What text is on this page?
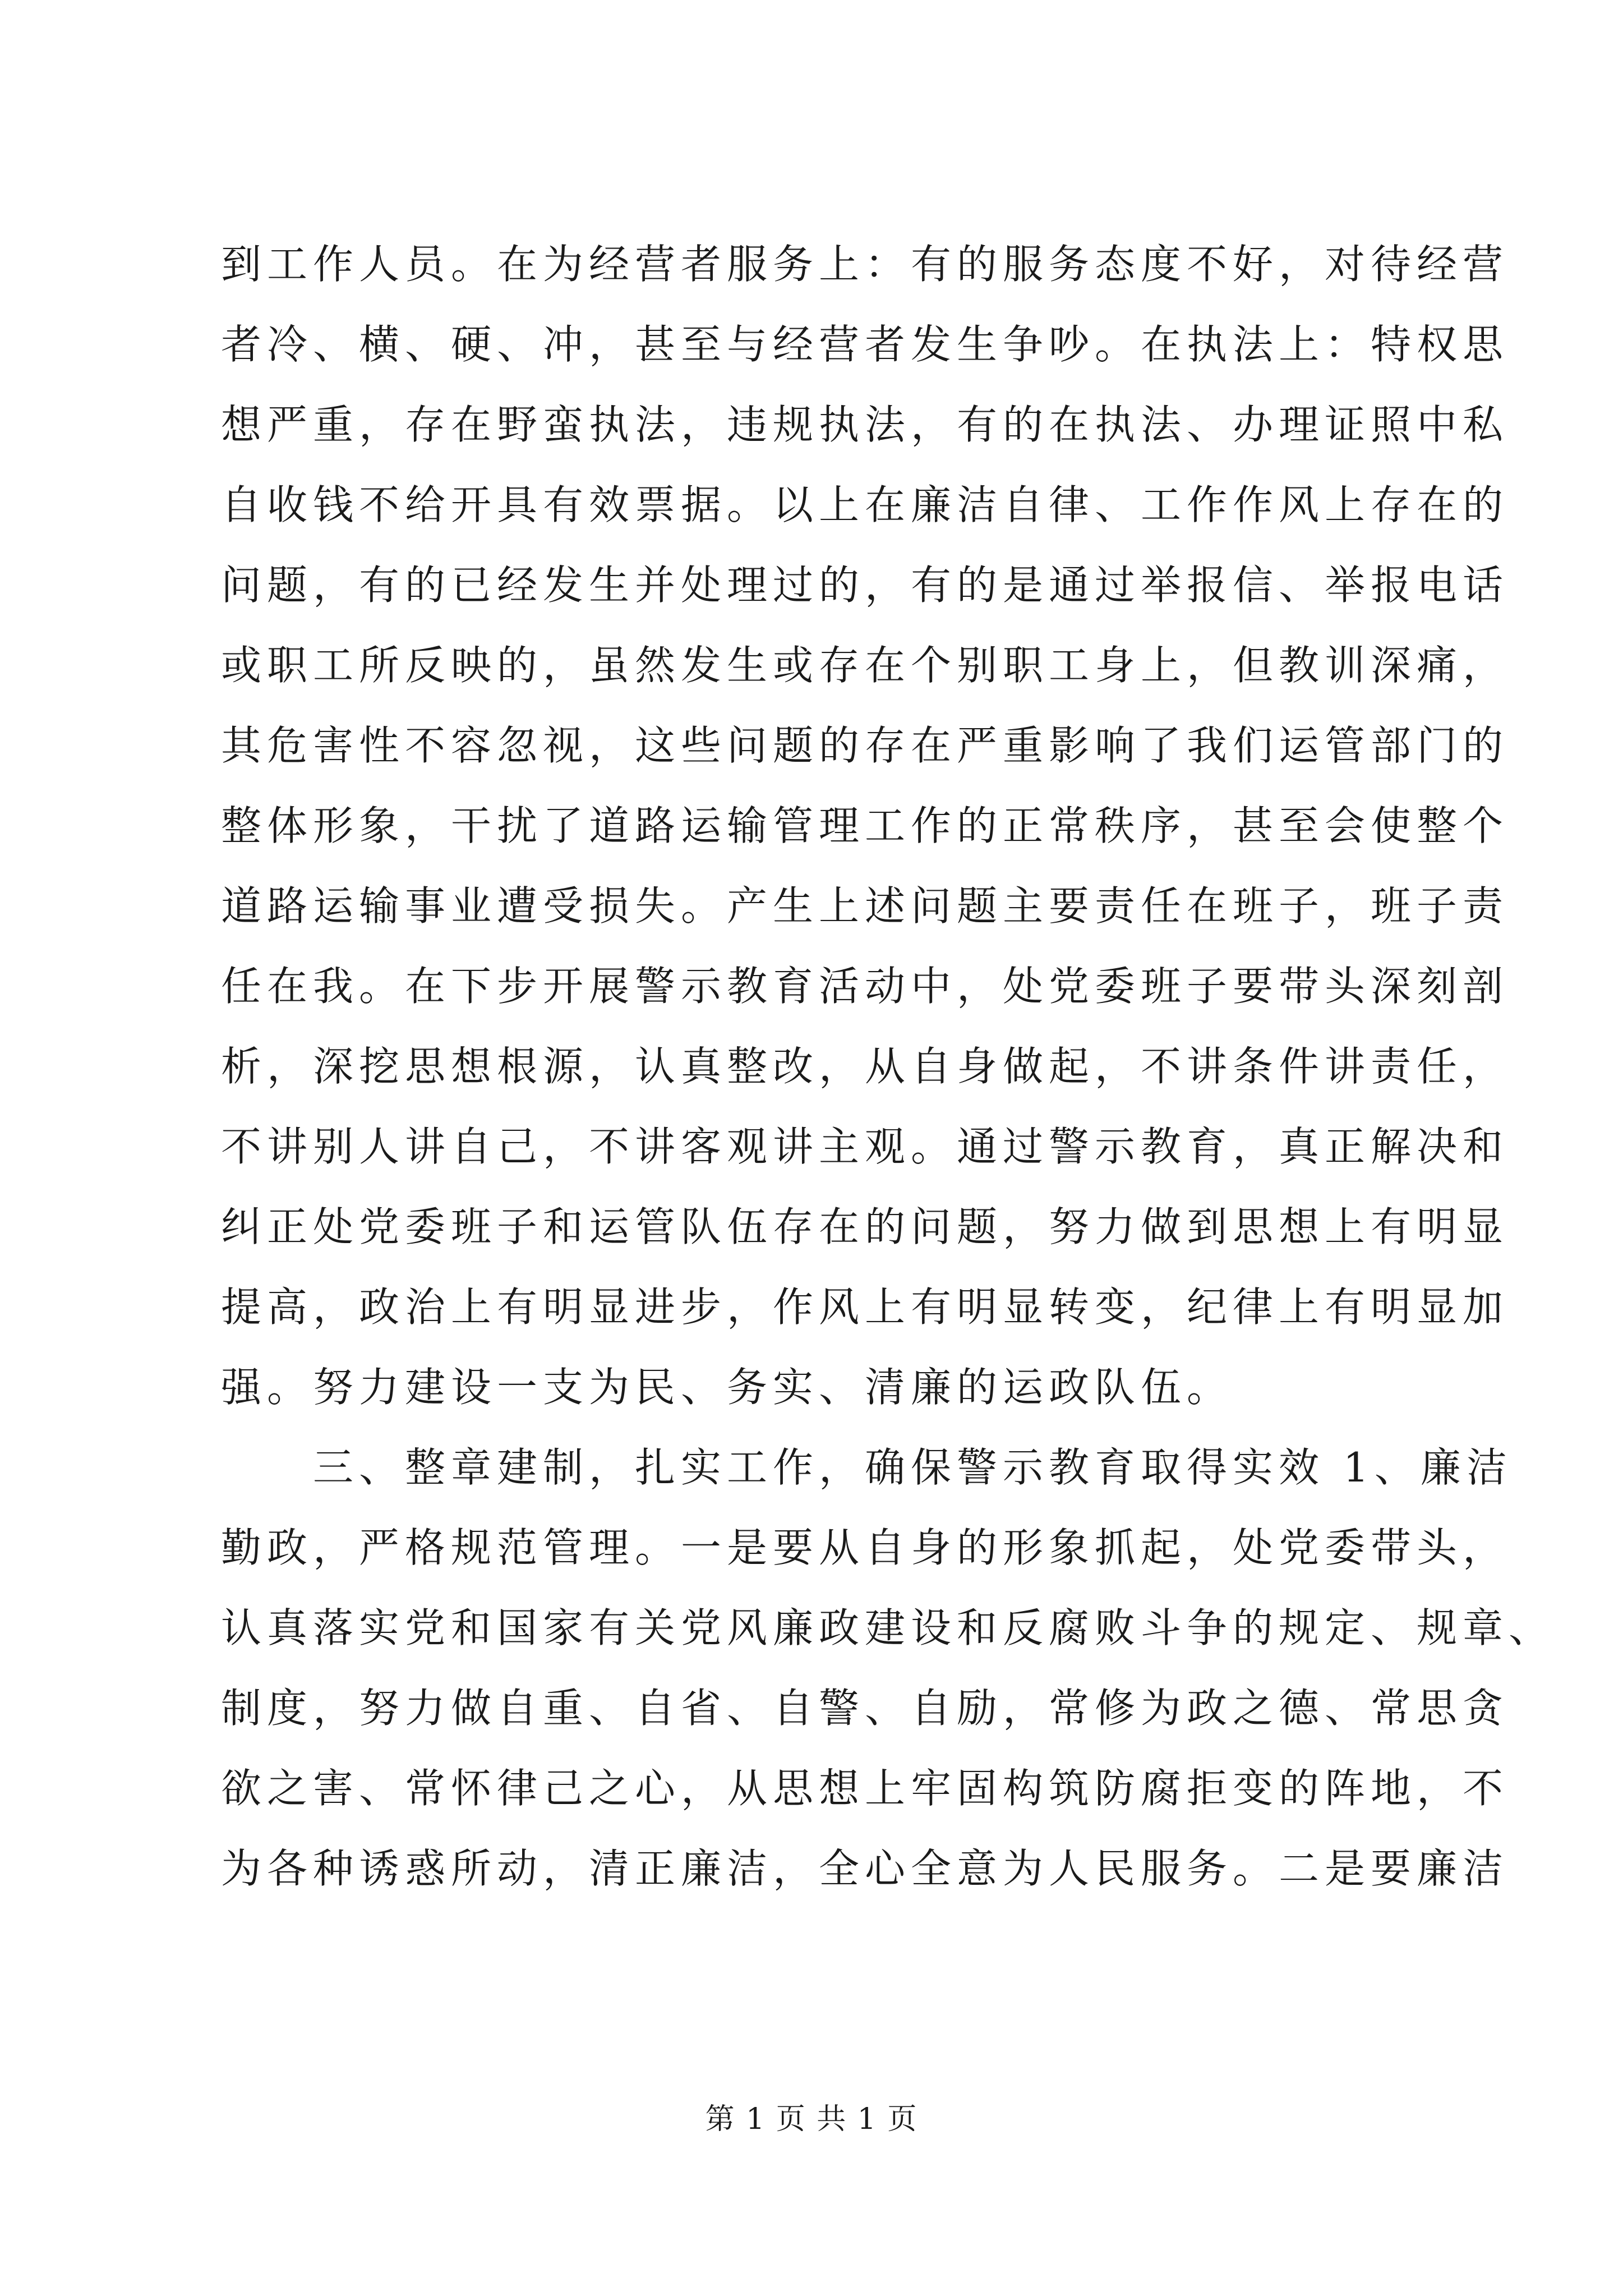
到工作人员。在为经营者服务上：有的服务态度不好，对待经营
者冷、横、硬、冲，甚至与经营者发生争吵。在执法上：特权思
想严重，存在野蛮执法，违规执法，有的在执法、办理证照中私
自收钱不给开具有效票据。以上在廉洁自律、工作作风上存在的
问题，有的已经发生并处理过的，有的是通过举报信、举报电话
或职工所反映的，虽然发生或存在个别职工身上，但教训深痛，
其危害性不容忽视，这些问题的存在严重影响了我们运管部门的
整体形象，干扰了道路运输管理工作的正常秩序，甚至会使整个
道路运输事业遭受损失。产生上述问题主要责任在班子，班子责
任在我。在下步开展警示教育活动中，处党委班子要带头深刻剖
析，深挖思想根源，认真整改，从自身做起，不讲条件讲责任，
不讲别人讲自己，不讲客观讲主观。通过警示教育，真正解决和
纠正处党委班子和运管队伍存在的问题，努力做到思想上有明显
提高，政治上有明显进步，作风上有明显转变，纪律上有明显加
强。努力建设一支为民、务实、清廉的运政队伍。
三、整章建制，扎实工作，确保警示教育取得实效 1、廉洁
勤政，严格规范管理。一是要从自身的形象抓起，处党委带头，
认真落实党和国家有关党风廉政建设和反腐败斗争的规定、规章、
制度，努力做自重、自省、自警、自励，常修为政之德、常思贪
欲之害、常怀律己之心，从思想上牢固构筑防腐拒变的阵地，不
为各种诱惑所动，清正廉洁，全心全意为人民服务。二是要廉洁
第 1 页 共 1 页
